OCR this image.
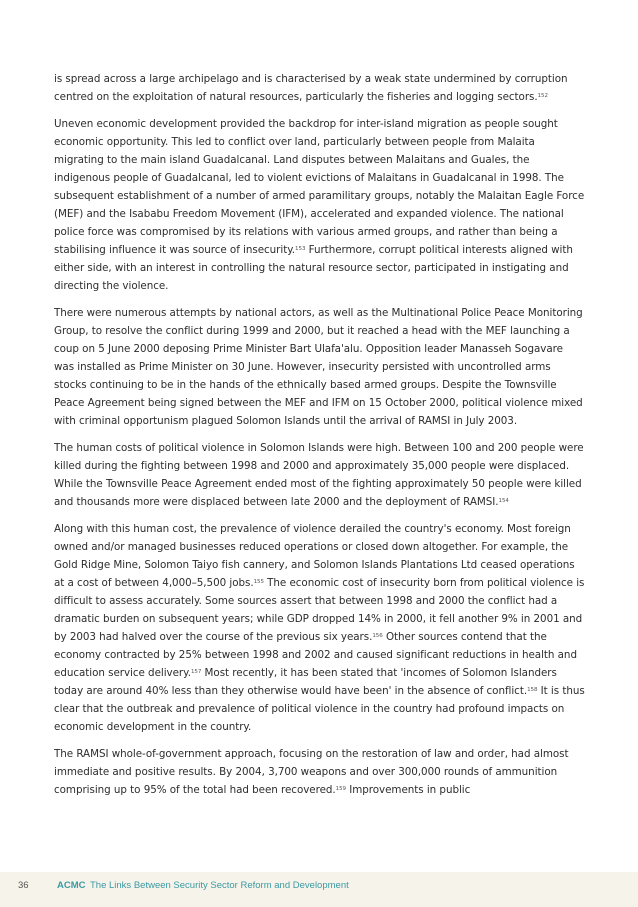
is spread across a large archipelago and is characterised by a weak state undermined by corruption centred on the exploitation of natural resources, particularly the fisheries and logging sectors.$^{152}$

Uneven economic development provided the backdrop for inter-island migration as people sought economic opportunity. This led to conflict over land, particularly between people from Malaita migrating to the main island Guadalcanal. Land disputes between Malaitans and Guales, the indigenous people of Guadalcanal, led to violent evictions of Malaitans in Guadalcanal in 1998. The subsequent establishment of a number of armed paramilitary groups, notably the Malaitan Eagle Force (MEF) and the Isababu Freedom Movement (IFM), accelerated and expanded violence. The national police force was compromised by its relations with various armed groups, and rather than being a stabilising influence it was source of insecurity.$^{153}$ Furthermore, corrupt political interests aligned with either side, with an interest in controlling the natural resource sector, participated in instigating and directing the violence.

There were numerous attempts by national actors, as well as the Multinational Police Peace Monitoring Group, to resolve the conflict during 1999 and 2000, but it reached a head with the MEF launching a coup on 5 June 2000 deposing Prime Minister Bart Ulafa'alu. Opposition leader Manasseh Sogavare was installed as Prime Minister on 30 June. However, insecurity persisted with uncontrolled arms stocks continuing to be in the hands of the ethnically based armed groups. Despite the Townsville Peace Agreement being signed between the MEF and IFM on 15 October 2000, political violence mixed with criminal opportunism plagued Solomon Islands until the arrival of RAMSI in July 2003.

The human costs of political violence in Solomon Islands were high. Between 100 and 200 people were killed during the fighting between 1998 and 2000 and approximately 35,000 people were displaced. While the Townsville Peace Agreement ended most of the fighting approximately 50 people were killed and thousands more were displaced between late 2000 and the deployment of RAMSI.$^{154}$

Along with this human cost, the prevalence of violence derailed the country's economy. Most foreign owned and/or managed businesses reduced operations or closed down altogether. For example, the Gold Ridge Mine, Solomon Taiyo fish cannery, and Solomon Islands Plantations Ltd ceased operations at a cost of between 4,000–5,500 jobs.$^{155}$ The economic cost of insecurity born from political violence is difficult to assess accurately. Some sources assert that between 1998 and 2000 the conflict had a dramatic burden on subsequent years; while GDP dropped 14% in 2000, it fell another 9% in 2001 and by 2003 had halved over the course of the previous six years.$^{156}$ Other sources contend that the economy contracted by 25% between 1998 and 2002 and caused significant reductions in health and education service delivery.$^{157}$ Most recently, it has been stated that 'incomes of Solomon Islanders today are around 40% less than they otherwise would have been' in the absence of conflict.$^{158}$ It is thus clear that the outbreak and prevalence of political violence in the country had profound impacts on economic development in the country.

The RAMSI whole-of-government approach, focusing on the restoration of law and order, had almost immediate and positive results. By 2004, 3,700 weapons and over 300,000 rounds of ammunition comprising up to 95% of the total had been recovered.$^{159}$ Improvements in public

36	ACMC The Links Between Security Sector Reform and Development
